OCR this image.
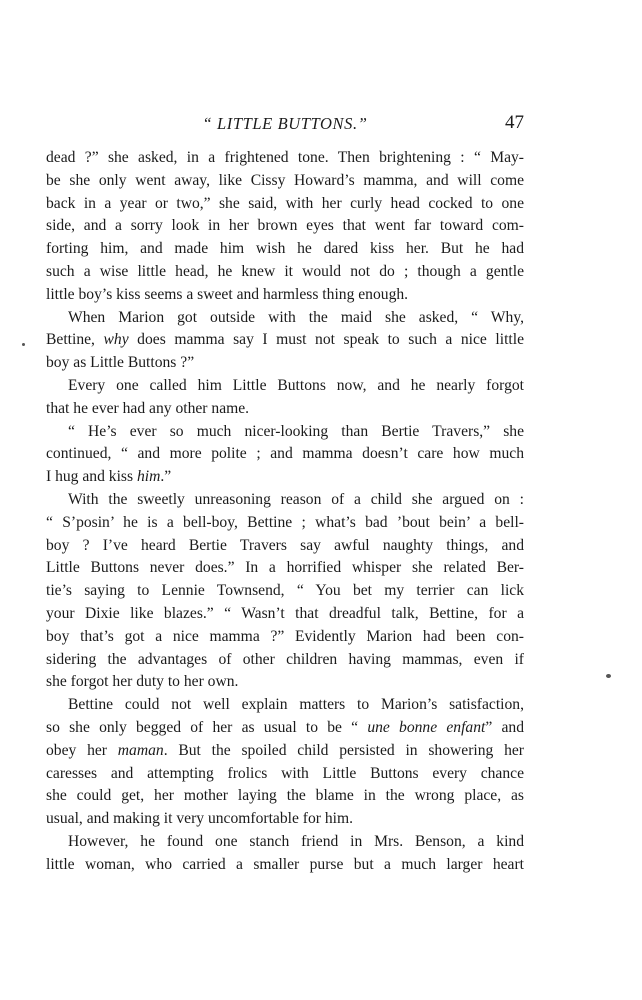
“ LITTLE BUTTONS.”	47
dead ?” she asked, in a frightened tone. Then brightening : “ May-
be she only went away, like Cissy Howard’s mamma, and will come
back in a year or two,” she said, with her curly head cocked to one
side, and a sorry look in her brown eyes that went far toward com-
forting him, and made him wish he dared kiss her. But he had
such a wise little head, he knew it would not do ; though a gentle
little boy’s kiss seems a sweet and harmless thing enough.
When Marion got outside with the maid she asked, “ Why,
Bettine, why does mamma say I must not speak to such a nice little
boy as Little Buttons ?”
Every one called him Little Buttons now, and he nearly forgot
that he ever had any other name.
“ He’s ever so much nicer-looking than Bertie Travers,” she
continued, “ and more polite ; and mamma doesn’t care how much
I hug and kiss him.”
With the sweetly unreasoning reason of a child she argued on :
“ S’posin’ he is a bell-boy, Bettine ; what’s bad ’bout bein’ a bell-
boy ? I’ve heard Bertie Travers say awful naughty things, and
Little Buttons never does.” In a horrified whisper she related Ber-
tie’s saying to Lennie Townsend, “ You bet my terrier can lick
your Dixie like blazes.” “ Wasn’t that dreadful talk, Bettine, for a
boy that’s got a nice mamma ?” Evidently Marion had been con-
sidering the advantages of other children having mammas, even if
she forgot her duty to her own.
Bettine could not well explain matters to Marion’s satisfaction,
so she only begged of her as usual to be “ une bonne enfant” and
obey her maman. But the spoiled child persisted in showering her
caresses and attempting frolics with Little Buttons every chance
she could get, her mother laying the blame in the wrong place, as
usual, and making it very uncomfortable for him.
However, he found one stanch friend in Mrs. Benson, a kind
little woman, who carried a smaller purse but a much larger heart
